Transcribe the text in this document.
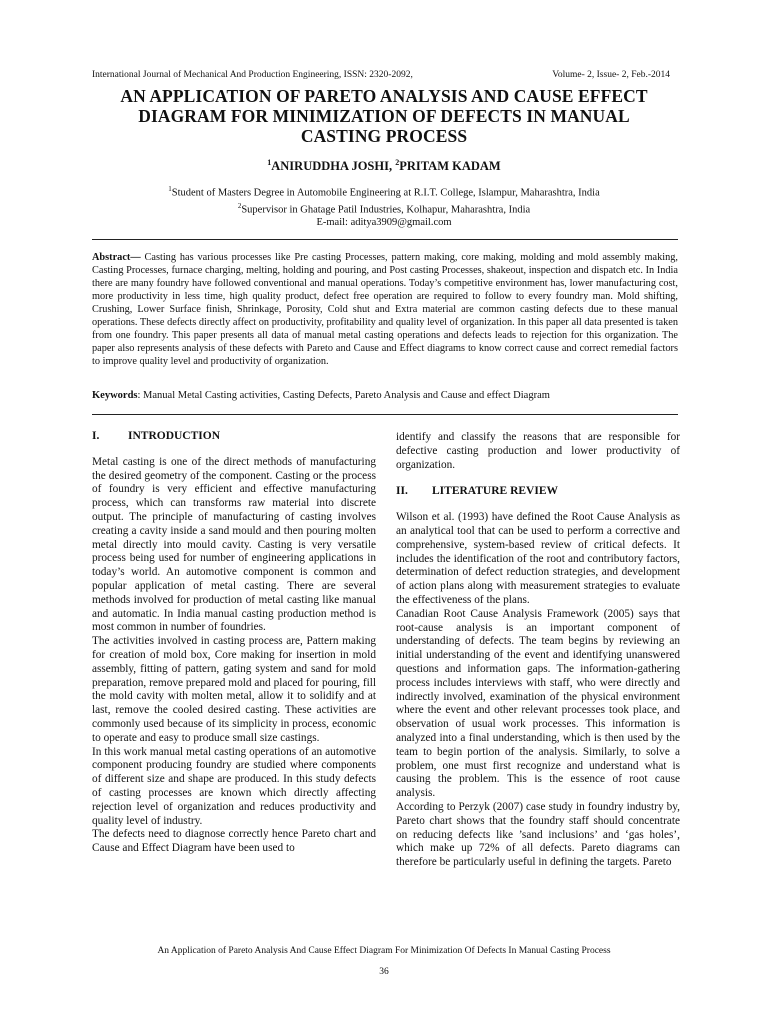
International Journal of Mechanical And Production Engineering, ISSN: 2320-2092,	Volume- 2, Issue- 2, Feb.-2014
AN APPLICATION OF PARETO ANALYSIS AND CAUSE EFFECT
DIAGRAM FOR MINIMIZATION OF DEFECTS IN MANUAL
CASTING PROCESS
$^1$ANIRUDDHA JOSHI, $^2$PRITAM KADAM
$^1$Student of Masters Degree in Automobile Engineering at R.I.T. College, Islampur, Maharashtra, India
$^2$Supervisor in Ghatage Patil Industries, Kolhapur, Maharashtra, India
E-mail: aditya3909@gmail.com
Abstract— Casting has various processes like Pre casting Processes, pattern making, core making, molding and mold assembly making, Casting Processes, furnace charging, melting, holding and pouring, and Post casting Processes, shakeout, inspection and dispatch etc. In India there are many foundry have followed conventional and manual operations. Today’s competitive environment has, lower manufacturing cost, more productivity in less time, high quality product, defect free operation are required to follow to every foundry man. Mold shifting, Crushing, Lower Surface finish, Shrinkage, Porosity, Cold shut and Extra material are common casting defects due to these manual operations. These defects directly affect on productivity, profitability and quality level of organization. In this paper all data presented is taken from one foundry. This paper presents all data of manual metal casting operations and defects leads to rejection for this organization. The paper also represents analysis of these defects with Pareto and Cause and Effect diagrams to know correct cause and correct remedial factors to improve quality level and productivity of organization.
Keywords: Manual Metal Casting activities, Casting Defects, Pareto Analysis and Cause and effect Diagram
I.	INTRODUCTION

Metal casting is one of the direct methods of manufacturing the desired geometry of the component. Casting or the process of foundry is very efficient and effective manufacturing process, which can transforms raw material into discrete output. The principle of manufacturing of casting involves creating a cavity inside a sand mould and then pouring molten metal directly into mould cavity. Casting is very versatile process being used for number of engineering applications in today’s world. An automotive component is common and popular application of metal casting. There are several methods involved for production of metal casting like manual and automatic. In India manual casting production method is most common in number of foundries.

The activities involved in casting process are, Pattern making for creation of mold box, Core making for insertion in mold assembly, fitting of pattern, gating system and sand for mold preparation, remove prepared mold and placed for pouring, fill the mold cavity with molten metal, allow it to solidify and at last, remove the cooled desired casting. These activities are commonly used because of its simplicity in process, economic to operate and easy to produce small size castings.

In this work manual metal casting operations of an automotive component producing foundry are studied where components of different size and shape are produced. In this study defects of casting processes are known which directly affecting rejection level of organization and reduces productivity and quality level of industry.

The defects need to diagnose correctly hence Pareto chart and Cause and Effect Diagram have been used to

identify and classify the reasons that are responsible for defective casting production and lower productivity of organization.

II.	LITERATURE REVIEW

Wilson et al. (1993) have defined the Root Cause Analysis as an analytical tool that can be used to perform a corrective and comprehensive, system-based review of critical defects. It includes the identification of the root and contributory factors, determination of defect reduction strategies, and development of action plans along with measurement strategies to evaluate the effectiveness of the plans.

Canadian Root Cause Analysis Framework (2005) says that root-cause analysis is an important component of understanding of defects. The team begins by reviewing an initial understanding of the event and identifying unanswered questions and information gaps. The information-gathering process includes interviews with staff, who were directly and indirectly involved, examination of the physical environment where the event and other relevant processes took place, and observation of usual work processes. This information is analyzed into a final understanding, which is then used by the team to begin portion of the analysis. Similarly, to solve a problem, one must first recognize and understand what is causing the problem. This is the essence of root cause analysis.

According to Perzyk (2007) case study in foundry industry by, Pareto chart shows that the foundry staff should concentrate on reducing defects like ’sand inclusions’ and ‘gas holes’, which make up 72% of all defects. Pareto diagrams can therefore be particularly useful in defining the targets. Pareto

An Application of Pareto Analysis And Cause Effect Diagram For Minimization Of Defects In Manual Casting Process
36
